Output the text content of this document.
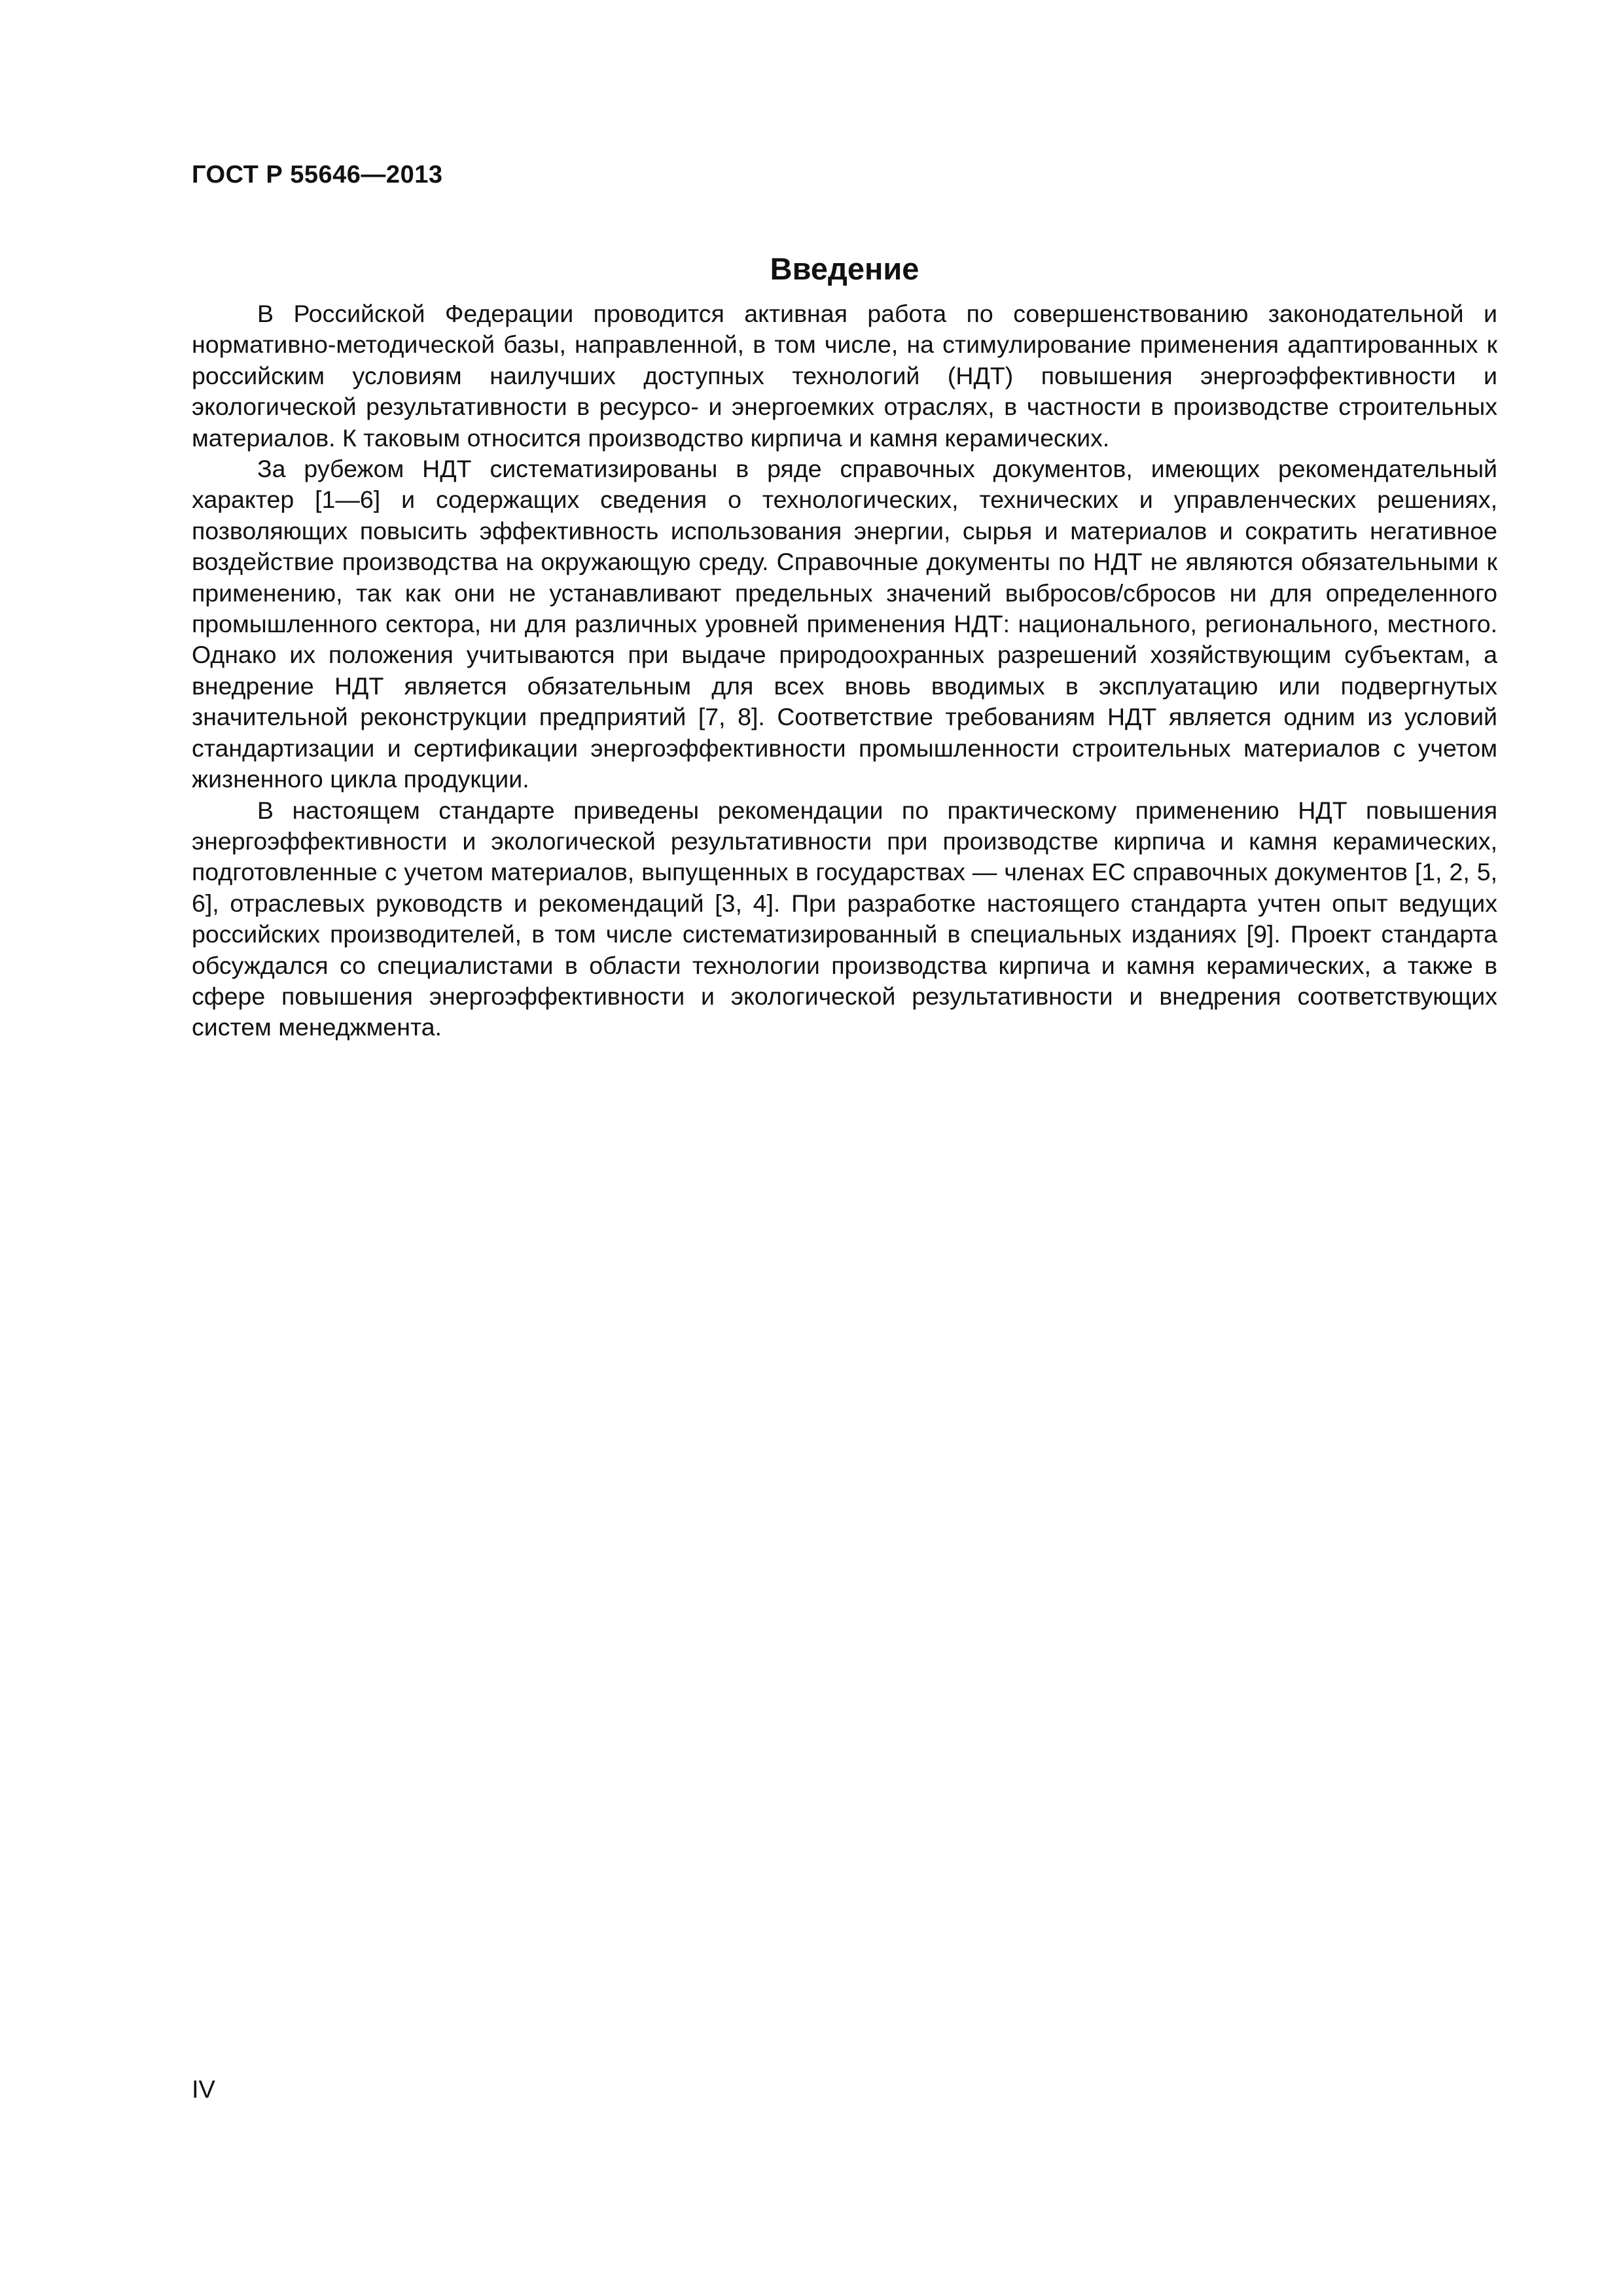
ГОСТ Р 55646—2013
Введение

В Российской Федерации проводится активная работа по совершенствованию законодательной и нормативно-методической базы, направленной, в том числе, на стимулирование применения адаптированных к российским условиям наилучших доступных технологий (НДТ) повышения энергоэффективности и экологической результативности в ресурсо- и энергоемких отраслях, в частности в производстве строительных материалов. К таковым относится производство кирпича и камня керамических.

За рубежом НДТ систематизированы в ряде справочных документов, имеющих рекомендательный характер [1—6] и содержащих сведения о технологических, технических и управленческих решениях, позволяющих повысить эффективность использования энергии, сырья и материалов и сократить негативное воздействие производства на окружающую среду. Справочные документы по НДТ не являются обязательными к применению, так как они не устанавливают предельных значений выбросов/сбросов ни для определенного промышленного сектора, ни для различных уровней применения НДТ: национального, регионального, местного. Однако их положения учитываются при выдаче природоохранных разрешений хозяйствующим субъектам, а внедрение НДТ является обязательным для всех вновь вводимых в эксплуатацию или подвергнутых значительной реконструкции предприятий [7, 8]. Соответствие требованиям НДТ является одним из условий стандартизации и сертификации энергоэффективности промышленности строительных материалов с учетом жизненного цикла продукции.

В настоящем стандарте приведены рекомендации по практическому применению НДТ повышения энергоэффективности и экологической результативности при производстве кирпича и камня керамических, подготовленные с учетом материалов, выпущенных в государствах — членах ЕС справочных документов [1, 2, 5, 6], отраслевых руководств и рекомендаций [3, 4]. При разработке настоящего стандарта учтен опыт ведущих российских производителей, в том числе систематизированный в специальных изданиях [9]. Проект стандарта обсуждался со специалистами в области технологии производства кирпича и камня керамических, а также в сфере повышения энергоэффективности и экологической результативности и внедрения соответствующих систем менеджмента.

IV
